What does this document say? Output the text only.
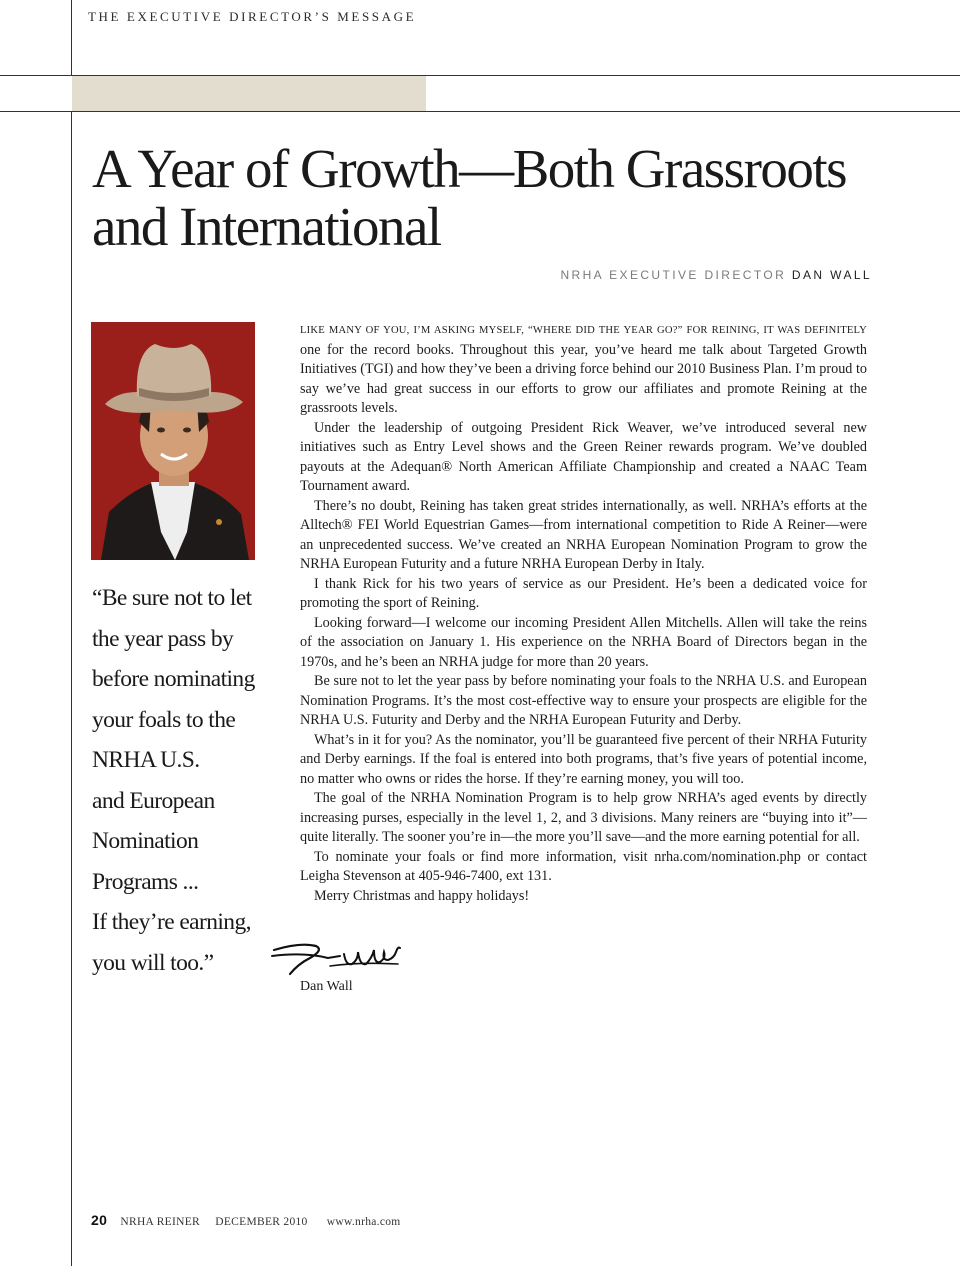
THE EXECUTIVE DIRECTOR’S MESSAGE
A Year of Growth—Both Grassroots
and International
NRHA EXECUTIVE DIRECTOR DAN WALL
“Be sure not to let
the year pass by
before nominating
your foals to the
NRHA U.S.
and European
Nomination
Programs ...
If they’re earning,
you will too.”

LIKE MANY OF YOU, I’M ASKING MYSELF, “WHERE DID THE YEAR GO?” FOR REINING, IT WAS DEFINITELY one for the record books. Throughout this year, you’ve heard me talk about Targeted Growth Initiatives (TGI) and how they’ve been a driving force behind our 2010 Business Plan. I’m proud to say we’ve had great success in our efforts to grow our affiliates and promote Reining at the grassroots levels.

Under the leadership of outgoing President Rick Weaver, we’ve introduced several new initiatives such as Entry Level shows and the Green Reiner rewards program. We’ve doubled payouts at the Adequan® North American Affiliate Championship and created a NAAC Team Tournament award.

There’s no doubt, Reining has taken great strides internationally, as well. NRHA’s efforts at the Alltech® FEI World Equestrian Games—from international competition to Ride A Reiner—were an unprecedented success. We’ve created an NRHA European Nomination Program to grow the NRHA European Futurity and a future NRHA European Derby in Italy.

I thank Rick for his two years of service as our President. He’s been a dedicated voice for promoting the sport of Reining.

Looking forward—I welcome our incoming President Allen Mitchells. Allen will take the reins of the association on January 1. His experience on the NRHA Board of Directors began in the 1970s, and he’s been an NRHA judge for more than 20 years.

Be sure not to let the year pass by before nominating your foals to the NRHA U.S. and European Nomination Programs. It’s the most cost-effective way to ensure your prospects are eligible for the NRHA U.S. Futurity and Derby and the NRHA European Futurity and Derby.

What’s in it for you? As the nominator, you’ll be guaranteed five percent of their NRHA Futurity and Derby earnings. If the foal is entered into both programs, that’s five years of potential income, no matter who owns or rides the horse. If they’re earning money, you will too.

The goal of the NRHA Nomination Program is to help grow NRHA’s aged events by directly increasing purses, especially in the level 1, 2, and 3 divisions. Many reiners are “buying into it”—quite literally. The sooner you’re in—the more you’ll save—and the more earning potential for all.

To nominate your foals or find more information, visit nrha.com/nomination.php or contact Leigha Stevenson at 405-946-7400, ext 131.

Merry Christmas and happy holidays!

Dan Wall
20 NRHA REINER DECEMBER 2010 www.nrha.com
